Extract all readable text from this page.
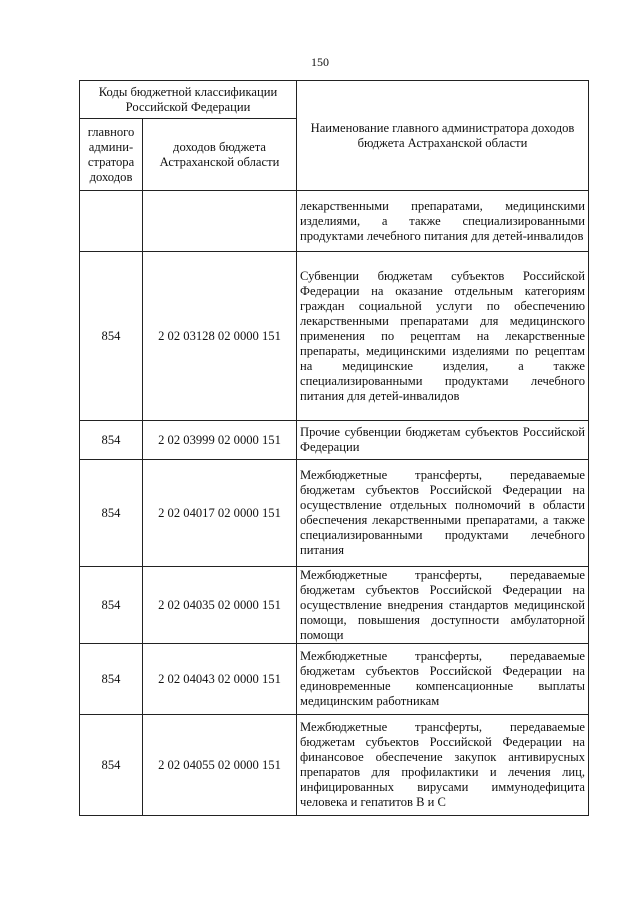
150
Коды бюджетной классификации Российской Федерации		Наименование главного администратора доходов бюджета Астраханской области
главного админи-стратора доходов	доходов бюджета Астраханской области	
		лекарственными препаратами, медицинскими изделиями, а также специализированными продуктами лечебного питания для детей-инвалидов
854	2 02 03128 02 0000 151	Субвенции бюджетам субъектов Российской Федерации на оказание отдельным категориям граждан социальной услуги по обеспечению лекарственными препаратами для медицинского применения по рецептам на лекарственные препараты, медицинскими изделиями по рецептам на медицинские изделия, а также специализированными продуктами лечебного питания для детей-инвалидов
854	2 02 03999 02 0000 151	Прочие субвенции бюджетам субъектов Российской Федерации
854	2 02 04017 02 0000 151	Межбюджетные трансферты, передаваемые бюджетам субъектов Российской Федерации на осуществление отдельных полномочий в области обеспечения лекарственными препаратами, а также специализированными продуктами лечебного питания
854	2 02 04035 02 0000 151	Межбюджетные трансферты, передаваемые бюджетам субъектов Российской Федерации на осуществление внедрения стандартов медицинской помощи, повышения доступности амбулаторной помощи
854	2 02 04043 02 0000 151	Межбюджетные трансферты, передаваемые бюджетам субъектов Российской Федерации на единовременные компенсационные выплаты медицинским работникам
854	2 02 04055 02 0000 151	Межбюджетные трансферты, передаваемые бюджетам субъектов Российской Федерации на финансовое обеспечение закупок антивирусных препаратов для профилактики и лечения лиц, инфицированных вирусами иммунодефицита человека и гепатитов В и С
